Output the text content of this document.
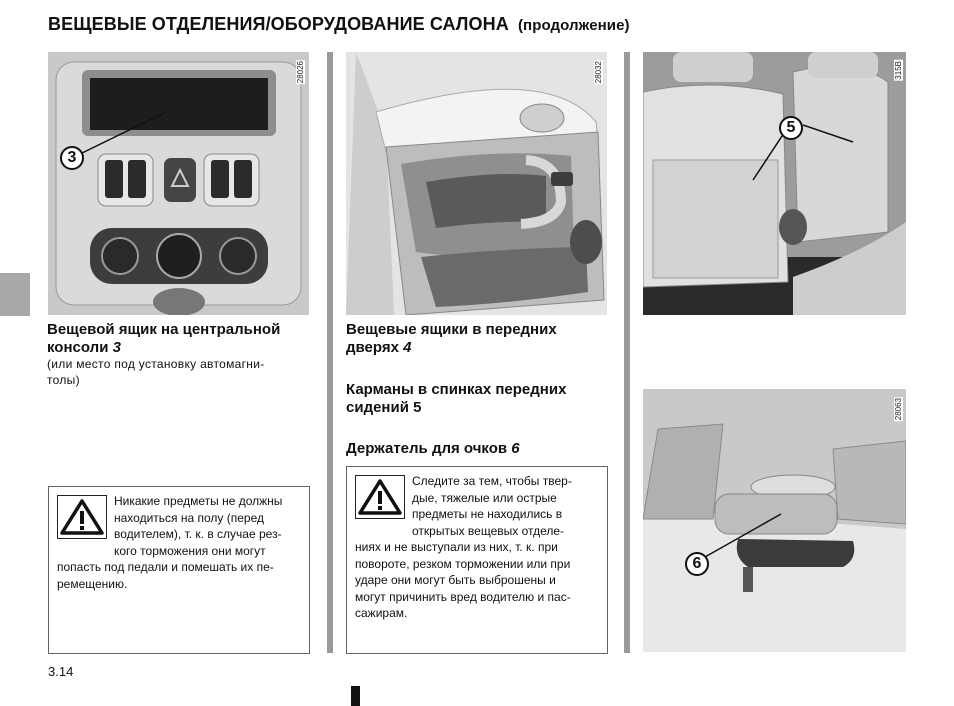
ВЕЩЕВЫЕ ОТДЕЛЕНИЯ/ОБОРУДОВАНИЕ САЛОНА (продолжение)
28026
3
28032	315B
5
28063
6
Вещевой ящик на центральной консоли 3
(или место под установку автомагни-
толы)
Вещевые ящики в передних дверях 4
Карманы в спинках передних сидений 5
Держатель для очков 6
Никакие предметы не должны
находиться на полу (перед
водителем), т. к. в случае рез-
кого торможения они могут
попасть под педали и помешать их пе-
ремещению.
Следите за тем, чтобы твер-
дые, тяжелые или острые
предметы не находились в
открытых вещевых отделе-
ниях и не выступали из них, т. к. при
повороте, резком торможении или при
ударе они могут быть выброшены и
могут причинить вред водителю и пас-
сажирам.
3.14
